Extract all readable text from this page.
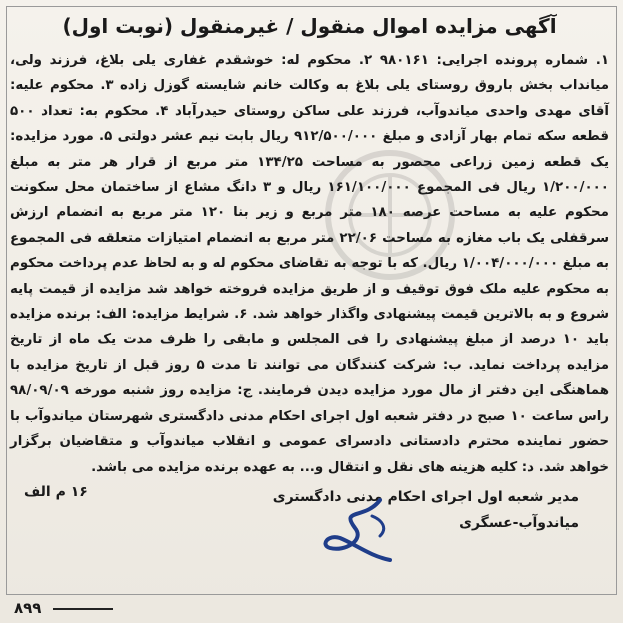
آگهی مزایده اموال منقول / غیرمنقول (نوبت اول)

۱. شماره پرونده اجرایی: ۹۸۰۱۶۱ ۲. محکوم له: خوشقدم غفاری یلی بلاغ، فرزند ولی، میانداب بخش باروق روستای یلی بلاغ به وکالت خانم شایسته گوزل زاده ۳. محکوم علیه: آقای مهدی واحدی میاندوآب، فرزند علی ساکن روستای حیدرآباد ۴. محکوم به: تعداد ۵۰۰ قطعه سکه تمام بهار آزادی و مبلغ ۹۱۲/۵۰۰/۰۰۰ ریال بابت نیم عشر دولتی ۵. مورد مزایده: یک قطعه زمین زراعی محصور به مساحت ۱۳۴/۲۵ متر مربع از قرار هر متر به مبلغ ۱/۲۰۰/۰۰۰ ریال فی المجموع ۱۶۱/۱۰۰/۰۰۰ ریال و ۳ دانگ مشاع از ساختمان محل سکونت محکوم علیه به مساحت عرصه ۱۸۰ متر مربع و زیر بنا ۱۲۰ متر مربع به انضمام ارزش سرقفلی یک باب مغازه به مساحت ۲۲/۰۶ متر مربع به انضمام امتیازات متعلقه فی المجموع به مبلغ ۱/۰۰۴/۰۰۰/۰۰۰ ریال. که با توجه به تقاضای محکوم له و به لحاظ عدم پرداخت محکوم به محکوم علیه ملک فوق توقیف و از طریق مزایده فروخته خواهد شد مزایده از قیمت پایه شروع و به بالاترین قیمت پیشنهادی واگذار خواهد شد. ۶. شرایط مزایده: الف: برنده مزایده باید ۱۰ درصد از مبلغ پیشنهادی را فی المجلس و مابقی را ظرف مدت یک ماه از تاریخ مزایده پرداخت نماید. ب: شرکت کنندگان می توانند تا مدت ۵ روز قبل از تاریخ مزایده با هماهنگی این دفتر از مال مورد مزایده دیدن فرمایند. ج: مزایده روز شنبه مورخه ۹۸/۰۹/۰۹ راس ساعت ۱۰ صبح در دفتر شعبه اول اجرای احکام مدنی دادگستری شهرستان میاندوآب با حضور نماینده محترم دادستانی دادسرای عمومی و انقلاب میاندوآب و متقاضیان برگزار خواهد شد. د: کلیه هزینه های نقل و انتقال و... به عهده برنده مزایده می باشد.

مدیر شعبه اول اجرای احکام مدنی دادگستری
میاندوآب-عسگری
۱۶ م الف
۸۹۹
